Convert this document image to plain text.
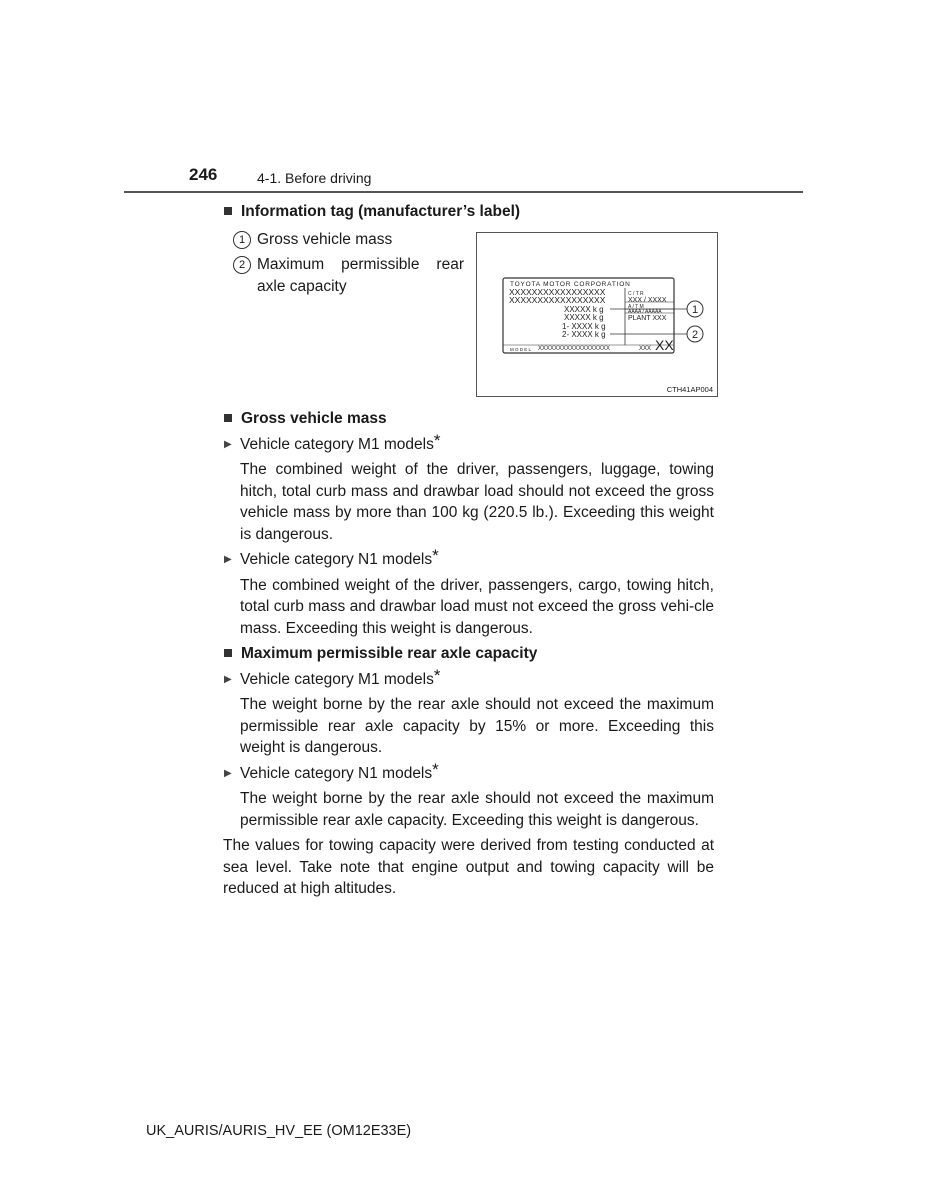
246	4-1. Before driving
Information tag (manufacturer’s label)
1 Gross vehicle mass
2 Maximum permissible rear axle capacity
Gross vehicle mass
▶ Vehicle category M1 models*
The combined weight of the driver, passengers, luggage, towing hitch, total curb mass and drawbar load should not exceed the gross vehicle mass by more than 100 kg (220.5 lb.). Exceeding this weight is dangerous.
▶ Vehicle category N1 models*
The combined weight of the driver, passengers, cargo, towing hitch, total curb mass and drawbar load must not exceed the gross vehi-cle mass. Exceeding this weight is dangerous.
Maximum permissible rear axle capacity
▶ Vehicle category M1 models*
The weight borne by the rear axle should not exceed the maximum permissible rear axle capacity by 15% or more. Exceeding this weight is dangerous.
▶ Vehicle category N1 models*
The weight borne by the rear axle should not exceed the maximum permissible rear axle capacity. Exceeding this weight is dangerous.
The values for towing capacity were derived from testing conducted at sea level. Take note that engine output and towing capacity will be reduced at high altitudes.
TOYOTA MOTOR CORPORATION
XXXXXXXXXXXXXXXXX
XXXXXXXXXXXXXXXXX
C / T R
XXX / XXXX
A / T M
AAAA / AAAAA
PLANT XXX
XXXXX k g
XXXXX k g
1- XXXX k g
2- XXXX k g
M O D E L XXXXXXXXXXXXXXXXXX	XXX XX
1
2
CTH41AP004
UK_AURIS/AURIS_HV_EE (OM12E33E)
